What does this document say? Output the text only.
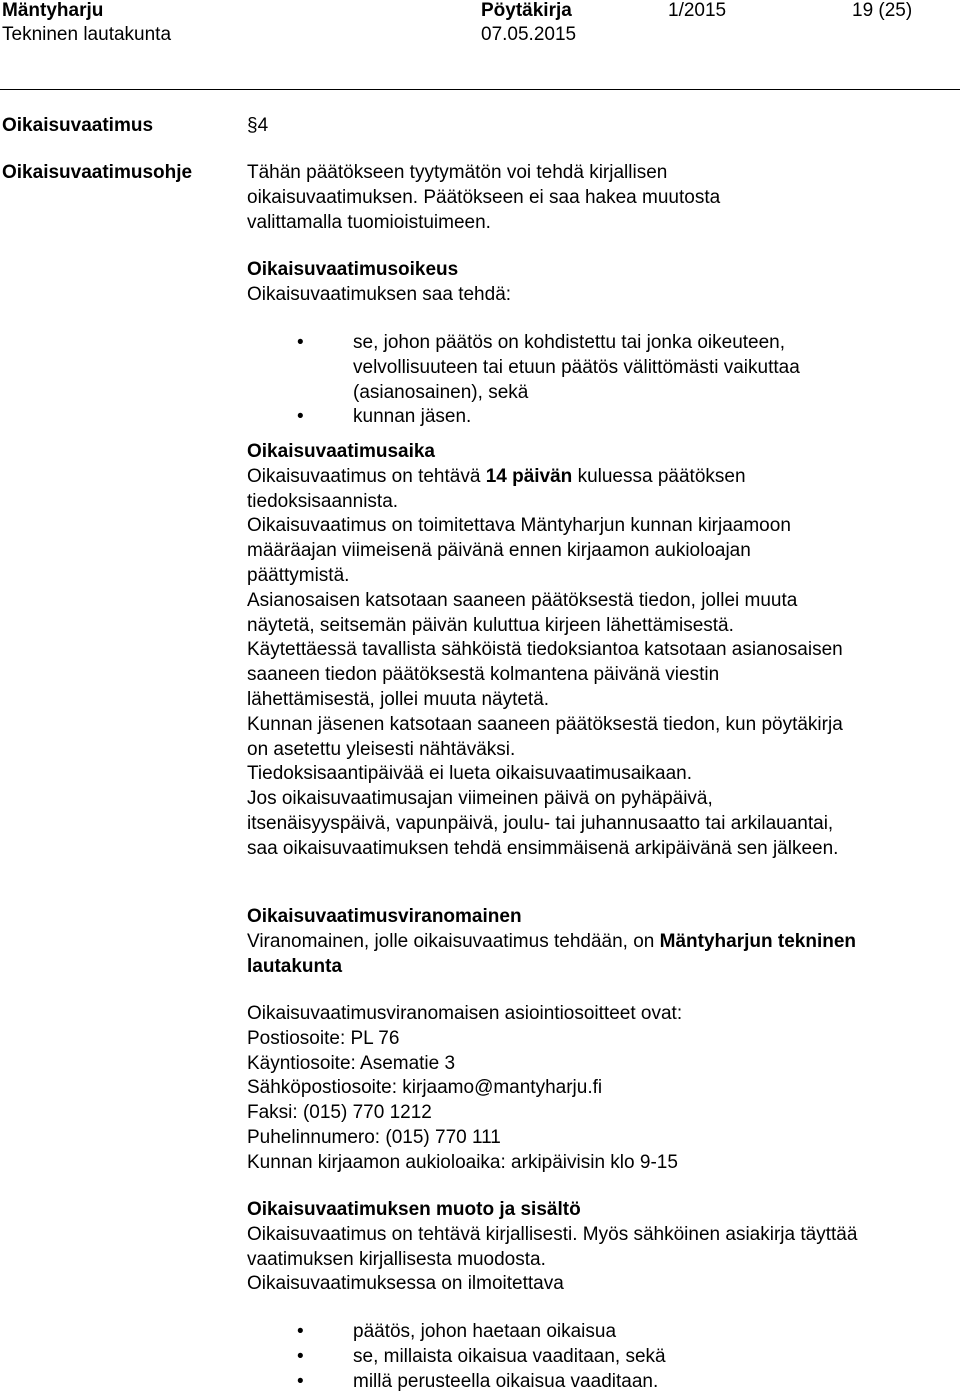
Mäntyharju
Tekninen lautakunta
Pöytäkirja
07.05.2015
1/2015	19 (25)
Oikaisuvaatimus	§4
Oikaisuvaatimusohje	Tähän päätökseen tyytymätön voi tehdä kirjallisen oikaisuvaatimuksen. Päätökseen ei saa hakea muutosta valittamalla tuomioistuimeen.

Oikaisuvaatimusoikeus

Oikaisuvaatimuksen saa tehdä:

•	se, johon päätös on kohdistettu tai jonka oikeuteen, velvollisuuteen tai etuun päätös välittömästi vaikuttaa (asianosainen), sekä
•	kunnan jäsen.

Oikaisuvaatimusaika

Oikaisuvaatimus on tehtävä 14 päivän kuluessa päätöksen tiedoksisaannista.

Oikaisuvaatimus on toimitettava Mäntyharjun kunnan kirjaamoon määräajan viimeisenä päivänä ennen kirjaamon aukioloajan päättymistä.

Asianosaisen katsotaan saaneen päätöksestä tiedon, jollei muuta näytetä, seitsemän päivän kuluttua kirjeen lähettämisestä.

Käytettäessä tavallista sähköistä tiedoksiantoa katsotaan asianosaisen saaneen tiedon päätöksestä kolmantena päivänä viestin lähettämisestä, jollei muuta näytetä.

Kunnan jäsenen katsotaan saaneen päätöksestä tiedon, kun pöytäkirja on asetettu yleisesti nähtäväksi.

Tiedoksisaantipäivää ei lueta oikaisuvaatimusaikaan.

Jos oikaisuvaatimusajan viimeinen päivä on pyhäpäivä, itsenäisyyspäivä, vapunpäivä, joulu- tai juhannusaatto tai arkilauantai, saa oikaisuvaatimuksen tehdä ensimmäisenä arkipäivänä sen jälkeen.

Oikaisuvaatimusviranomainen

Viranomainen, jolle oikaisuvaatimus tehdään, on Mäntyharjun tekninen lautakunta

Oikaisuvaatimusviranomaisen asiointiosoitteet ovat:

Postiosoite: PL 76

Käyntiosoite: Asematie 3

Sähköpostiosoite: kirjaamo@mantyharju.fi

Faksi: (015) 770 1212

Puhelinnumero: (015) 770 111

Kunnan kirjaamon aukioloaika: arkipäivisin klo 9-15

Oikaisuvaatimuksen muoto ja sisältö

Oikaisuvaatimus on tehtävä kirjallisesti. Myös sähköinen asiakirja täyttää vaatimuksen kirjallisesta muodosta.

Oikaisuvaatimuksessa on ilmoitettava

•	päätös, johon haetaan oikaisua
•	se, millaista oikaisua vaaditaan, sekä
•	millä perusteella oikaisua vaaditaan.
